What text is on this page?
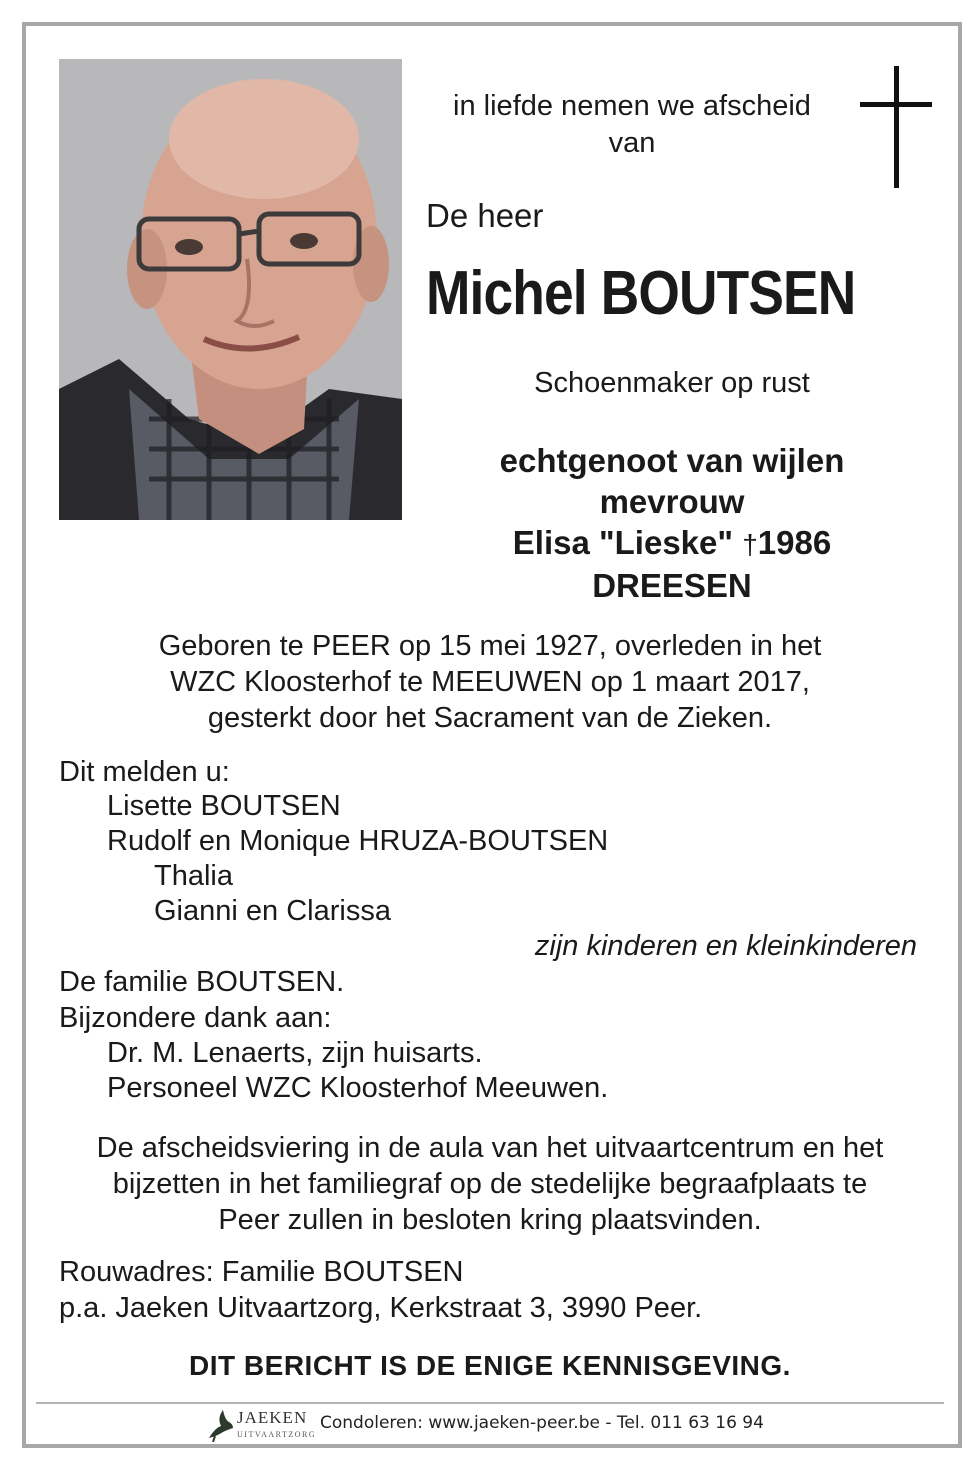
in liefde nemen we afscheid
van
De heer
Michel BOUTSEN
Schoenmaker op rust
echtgenoot van wijlen
mevrouw
Elisa "Lieske" †1986
DREESEN
Geboren te PEER op 15 mei 1927, overleden in het
WZC Kloosterhof te MEEUWEN op 1 maart 2017,
gesterkt door het Sacrament van de Zieken.
Dit melden u:
Lisette BOUTSEN
Rudolf en Monique HRUZA-BOUTSEN
Thalia
Gianni en Clarissa
zijn kinderen en kleinkinderen
De familie BOUTSEN.
Bijzondere dank aan:
Dr. M. Lenaerts, zijn huisarts.
Personeel WZC Kloosterhof Meeuwen.
De afscheidsviering in de aula van het uitvaartcentrum en het
bijzetten in het familiegraf op de stedelijke begraafplaats te
Peer zullen in besloten kring plaatsvinden.
Rouwadres: Familie BOUTSEN
p.a. Jaeken Uitvaartzorg, Kerkstraat 3, 3990 Peer.
DIT BERICHT IS DE ENIGE KENNISGEVING.
JAEKEN
UITVAARTZORG
Condoleren: www.jaeken-peer.be - Tel. 011 63 16 94
